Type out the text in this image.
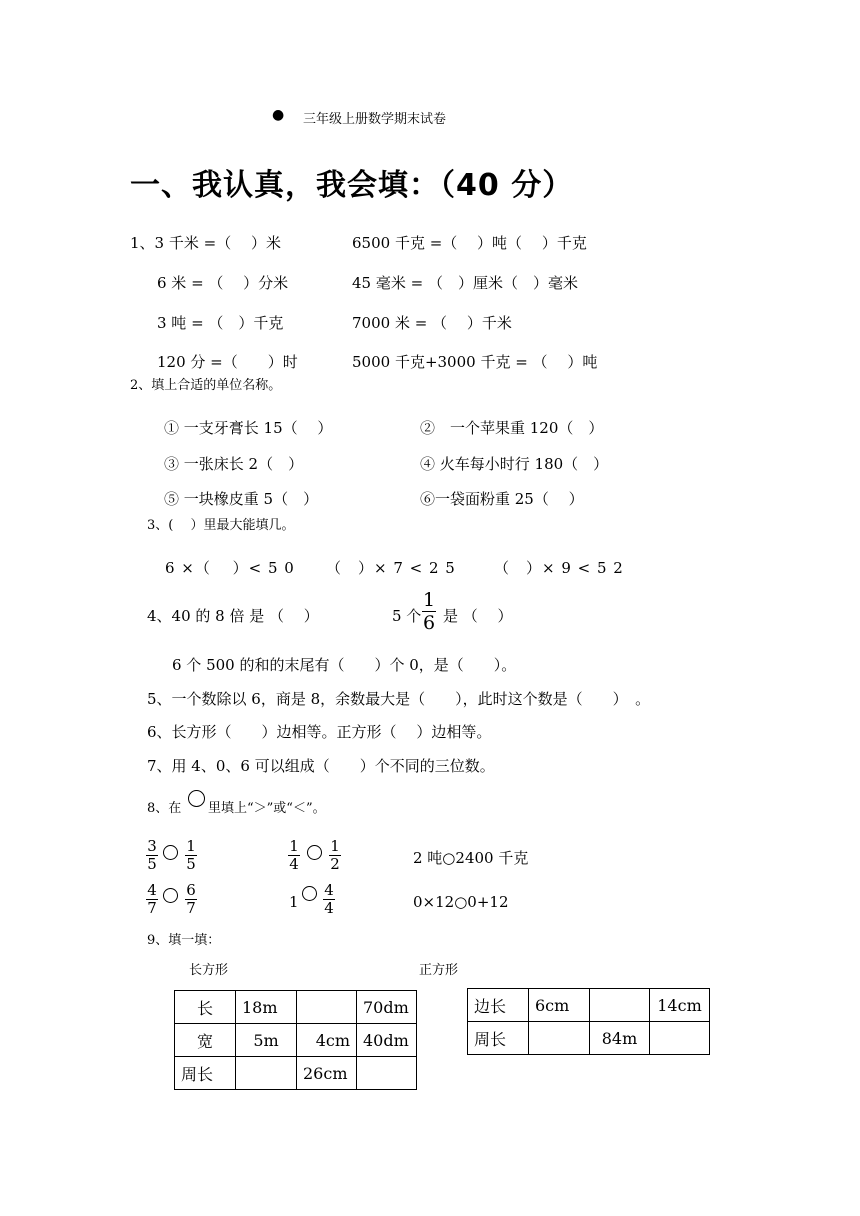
● 三年级上册数学期末试卷
一、我认真，我会填：（40 分）
1、3 千米 =（　 ）米	6500 千克 =（　 ）吨（　 ）千克
6 米 = （　 ）分米	45 毫米 = （　）厘米（　）毫米
3 吨 = （　）千克	7000 米 = （　 ）千米
120 分 =（　　）时	5000 千克+3000 千克 = （　 ）吨
2、填上合适的单位名称。
① 一支牙膏长 15（　 ）	②　一个苹果重 120（　）
③ 一张床长 2（　）	④ 火车每小时行 180（　）
⑤ 一块橡皮重 5（　）	⑥一袋面粉重 25（　 ）
3、(　 ）里最大能填几。
6 ×（　 ）< 5 0 （　）× 7 < 2 5	（　）× 9 < 5 2
4、40 的 8 倍 是 （　 ）	5 个
1
6 是 （　 ）
6 个 500 的和的末尾有（　　）个 0，是（　　）。
5、一个数除以 6，商是 8，余数最大是（　　），此时这个数是（　　）　。
6、长方形（　　）边相等。正方形（　 ）边相等。
7、用 4、0、6 可以组成（　　）个不同的三位数。
8、在 里填上“＞”或“＜”。
3
5
1
5
1
4
1
2	2 吨○2400 千克
4
7
6
7	1
4
4	0×12○0+12
9、填一填：
长方形	正方形
长	18m		70dm
宽	5m	4cm	40dm
周长		26cm	
边长	6cm		14cm
周长		84m	
